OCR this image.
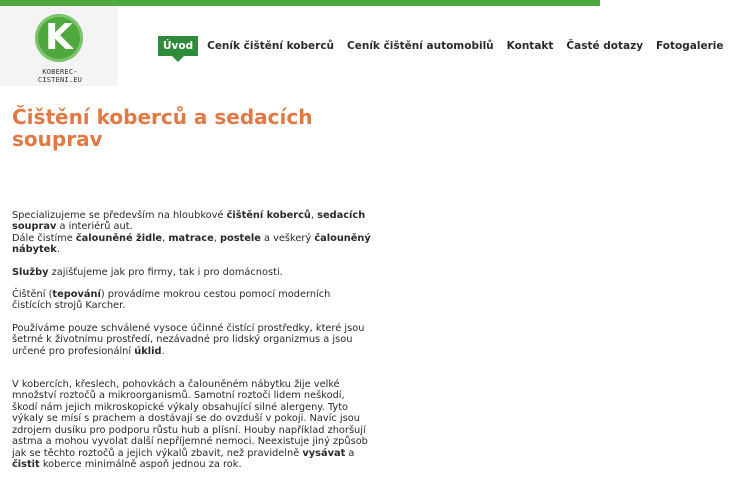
K
KOBEREC-CISTENI.EU
Úvod	Ceník čištění koberců Ceník čištění automobilů Kontakt Časté dotazy Fotogalerie
Čištění koberců a sedacích
souprav

Specializujeme se především na hloubkové čištění koberců, sedacích souprav a interiérů aut.
Dále čistíme čalouněné židle, matrace, postele a veškerý čalouněný nábytek.

Služby zajišťujeme jak pro firmy, tak i pro domácnosti.

Čištění (tepování) provádíme mokrou cestou pomocí moderních čistících strojů Karcher.

Používáme pouze schválené vysoce účinné čistící prostředky, které jsou šetrné k životnímu prostředí, nezávadné pro lidský organizmus a jsou určené pro profesionální úklid.

V kobercích, křeslech, pohovkách a čalouněném nábytku žije velké množství roztočů a mikroorganismů. Samotní roztoči lidem neškodí, škodí nám jejich mikroskopické výkaly obsahující silné alergeny. Tyto výkaly se mísí s prachem a dostávají se do ovzduší v pokoji. Navíc jsou zdrojem dusíku pro podporu růstu hub a plísní. Houby například zhoršují astma a mohou vyvolat další nepříjemné nemoci. Neexistuje jiný způsob jak se těchto roztočů a jejich výkalů zbavit, než pravidelně vysávat a čistit koberce minimálně aspoň jednou za rok.
